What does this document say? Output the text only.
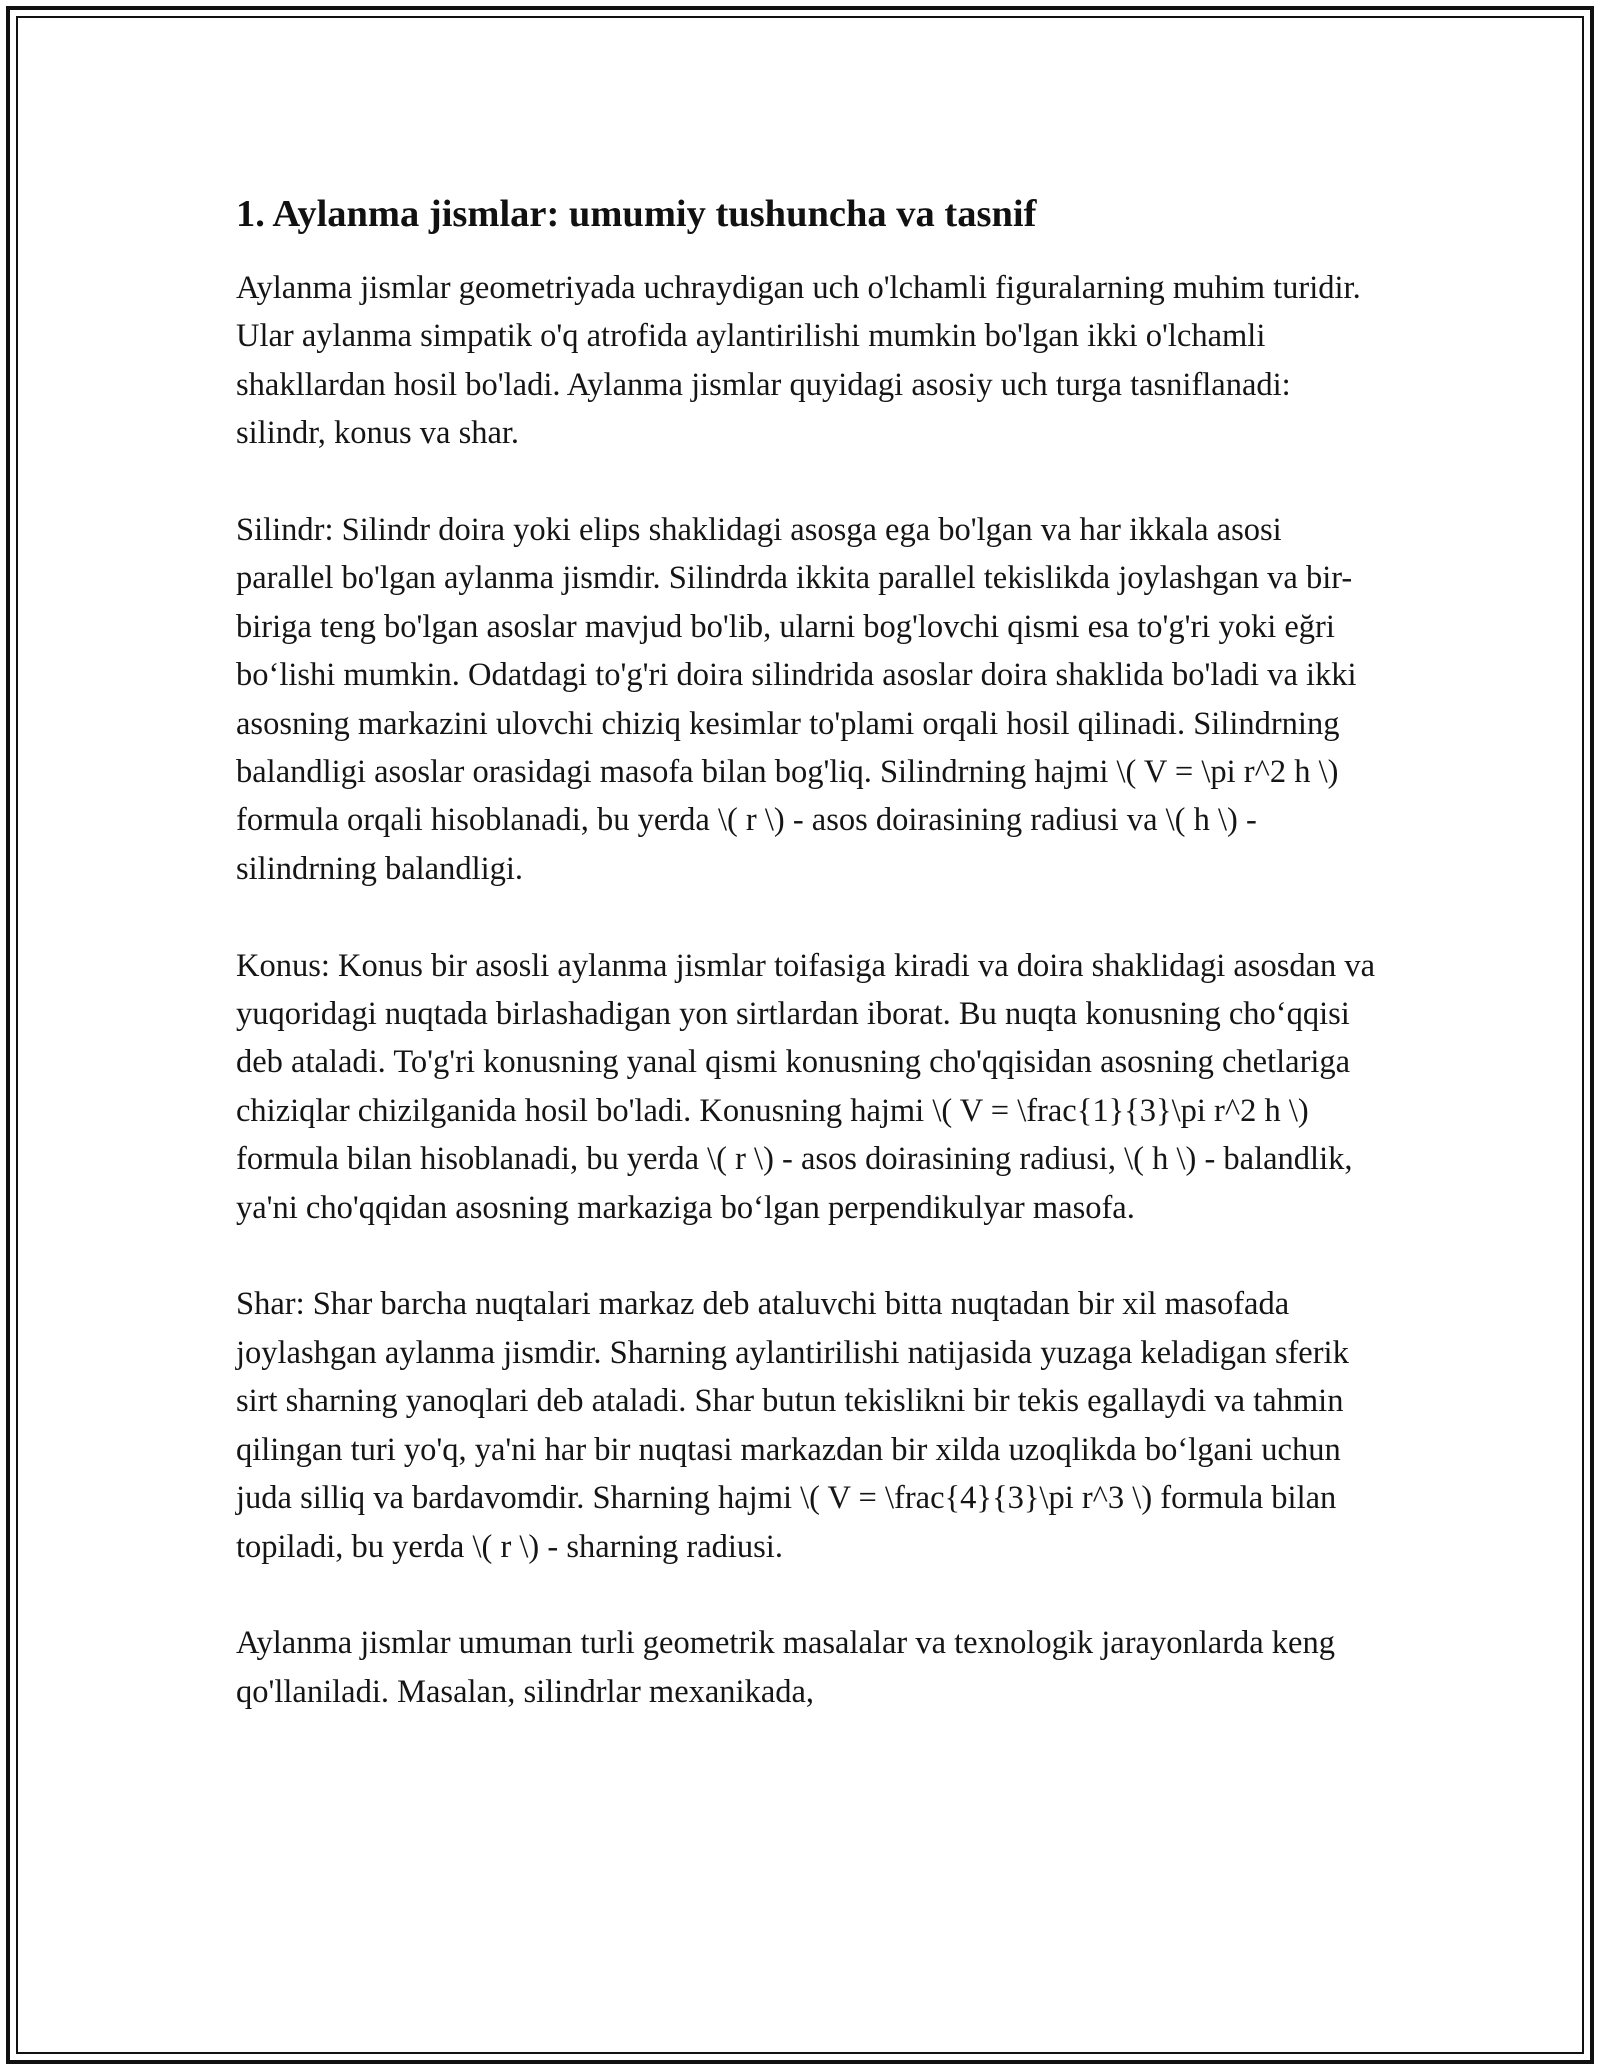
1. Aylanma jismlar: umumiy tushuncha va tasnif

Aylanma jismlar geometriyada uchraydigan uch o'lchamli figuralarning muhim turidir. Ular aylanma simpatik o'q atrofida aylantirilishi mumkin bo'lgan ikki o'lchamli shakllardan hosil bo'ladi. Aylanma jismlar quyidagi asosiy uch turga tasniflanadi: silindr, konus va shar.

Silindr: Silindr doira yoki elips shaklidagi asosga ega bo'lgan va har ikkala asosi parallel bo'lgan aylanma jismdir. Silindrda ikkita parallel tekislikda joylashgan va bir-biriga teng bo'lgan asoslar mavjud bo'lib, ularni bog'lovchi qismi esa to'g'ri yoki eğri bo‘lishi mumkin. Odatdagi to'g'ri doira silindrida asoslar doira shaklida bo'ladi va ikki asosning markazini ulovchi chiziq kesimlar to'plami orqali hosil qilinadi. Silindrning balandligi asoslar orasidagi masofa bilan bog'liq. Silindrning hajmi \( V = \pi r^2 h \) formula orqali hisoblanadi, bu yerda \( r \) - asos doirasining radiusi va \( h \) - silindrning balandligi.

Konus: Konus bir asosli aylanma jismlar toifasiga kiradi va doira shaklidagi asosdan va yuqoridagi nuqtada birlashadigan yon sirtlardan iborat. Bu nuqta konusning cho‘qqisi deb ataladi. To'g'ri konusning yanal qismi konusning cho'qqisidan asosning chetlariga chiziqlar chizilganida hosil bo'ladi. Konusning hajmi \( V = \frac{1}{3}\pi r^2 h \) formula bilan hisoblanadi, bu yerda \( r \) - asos doirasining radiusi, \( h \) - balandlik, ya'ni cho'qqidan asosning markaziga bo‘lgan perpendikulyar masofa.

Shar: Shar barcha nuqtalari markaz deb ataluvchi bitta nuqtadan bir xil masofada joylashgan aylanma jismdir. Sharning aylantirilishi natijasida yuzaga keladigan sferik sirt sharning yanoqlari deb ataladi. Shar butun tekislikni bir tekis egallaydi va tahmin qilingan turi yo'q, ya'ni har bir nuqtasi markazdan bir xilda uzoqlikda bo‘lgani uchun juda silliq va bardavomdir. Sharning hajmi \( V = \frac{4}{3}\pi r^3 \) formula bilan topiladi, bu yerda \( r \) - sharning radiusi.

Aylanma jismlar umuman turli geometrik masalalar va texnologik jarayonlarda keng qo'llaniladi. Masalan, silindrlar mexanikada,
